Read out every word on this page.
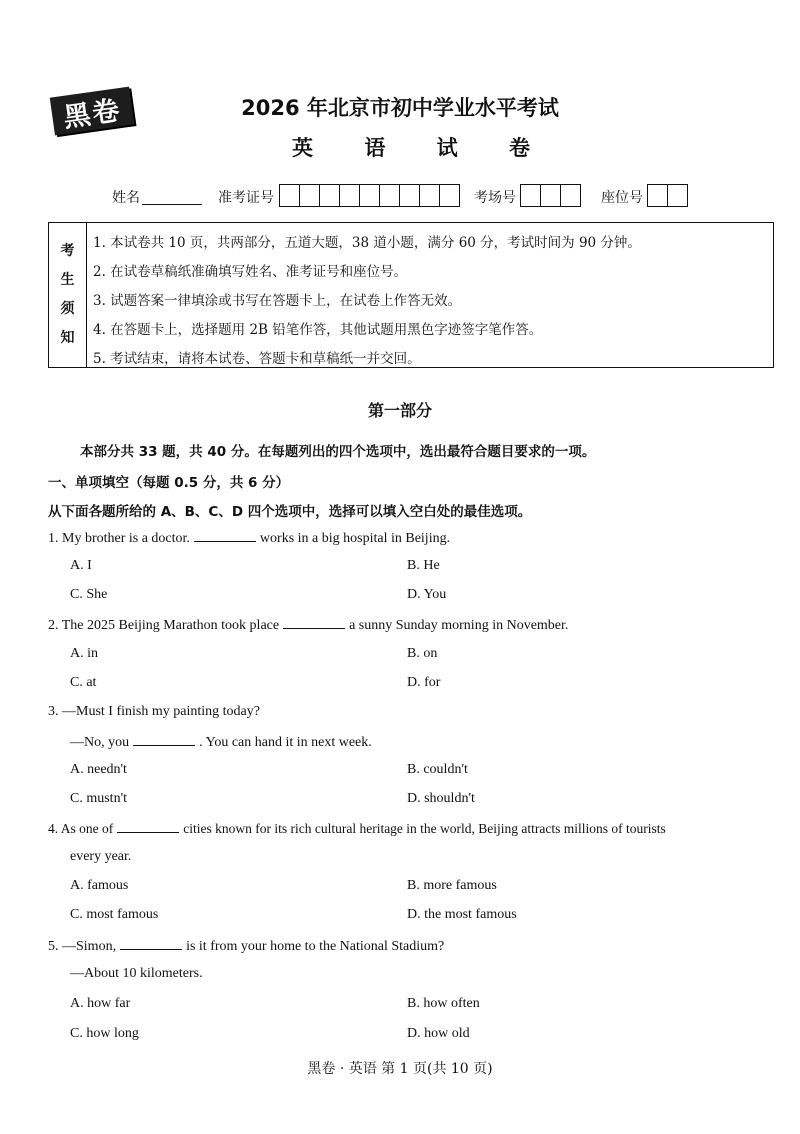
黑卷	2026 年北京市初中学业水平考试
英 语 试 卷
姓名	准考证号	考场号	座位号
考
生
须
知
1. 本试卷共 10 页，共两部分，五道大题，38 道小题，满分 60 分，考试时间为 90 分钟。
2. 在试卷草稿纸准确填写姓名、准考证号和座位号。
3. 试题答案一律填涂或书写在答题卡上，在试卷上作答无效。
4. 在答题卡上，选择题用 2B 铅笔作答，其他试题用黑色字迹签字笔作答。
5. 考试结束，请将本试卷、答题卡和草稿纸一并交回。
第一部分
本部分共 33 题，共 40 分。在每题列出的四个选项中，选出最符合题目要求的一项。
一、单项填空（每题 0.5 分，共 6 分）
从下面各题所给的 A、B、C、D 四个选项中，选择可以填入空白处的最佳选项。
1. My brother is a doctor.	works in a big hospital in Beijing.
A. I	B. He
C. She	D. You
2. The 2025 Beijing Marathon took place	a sunny Sunday morning in November.
A. in	B. on
C. at	D. for
3. —Must I finish my painting today?
—No, you	. You can hand it in next week.
A. needn't	B. couldn't
C. mustn't	D. shouldn't
4. As one of	cities known for its rich cultural heritage in the world, Beijing attracts millions of tourists
every year.
A. famous	B. more famous
C. most famous	D. the most famous
5. —Simon,	is it from your home to the National Stadium?
—About 10 kilometers.
A. how far	B. how often
C. how long	D. how old
黑卷 · 英语 第 1 页(共 10 页)
